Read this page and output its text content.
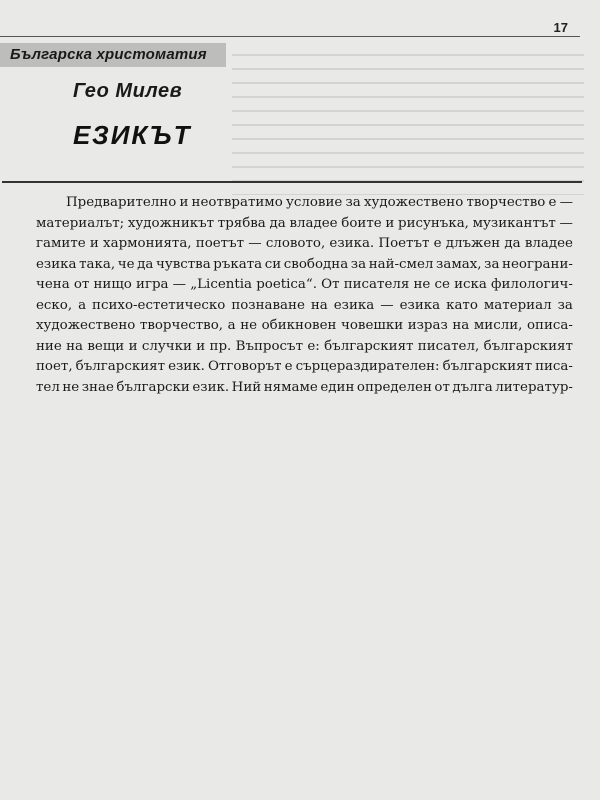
17
Българска христоматия
Гео Милев
ЕЗИКЪТ
Предварително и неотвратимо условие за художествено творчество е —
материалът; художникът трябва да владее боите и рисунъка, музикантът —
гамите и хармонията, поетът — словото, езика. Поетът е длъжен да владее
езика така, че да чувства ръката си свободна за най-смел замах, за неограни-
чена от нищо игра — „Licentia poetica“. От писателя не се иска филологич-
еско, а психо-естетическо познаване на езика — езика като материал за
художествено творчество, а не обикновен човешки израз на мисли, описа-
ние на вещи и случки и пр. Въпросът е: българският писател, българският
поет, българският език. Отговорът е сърцераздирателен: българският писа-
тел не знае български език. Ний нямаме един определен от дълга литератур-
